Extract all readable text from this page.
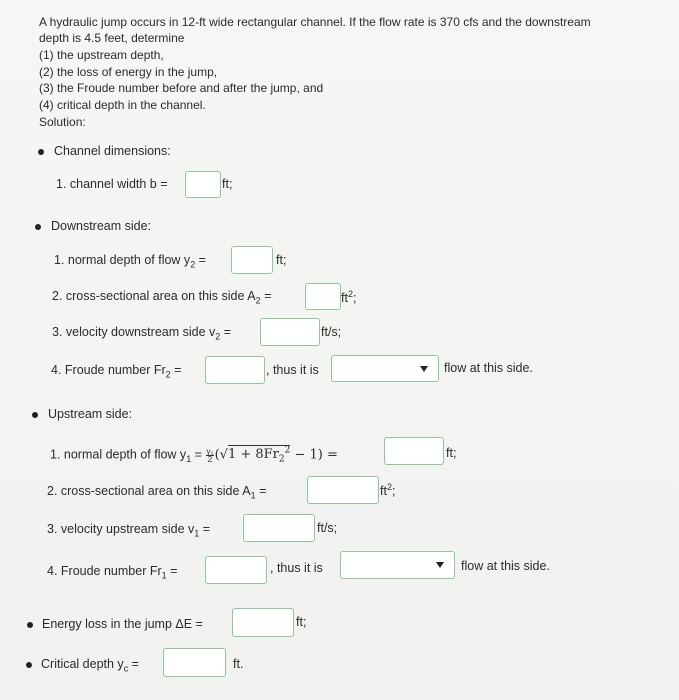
A hydraulic jump occurs in 12-ft wide rectangular channel. If the flow rate is 370 cfs and the downstream
depth is 4.5 feet, determine
(1) the upstream depth,
(2) the loss of energy in the jump,
(3) the Froude number before and after the jump, and
(4) critical depth in the channel.
Solution:
Channel dimensions:
1. channel width b =	ft;
Downstream side:
1. normal depth of flow $y_2$ =	ft;
2. cross-sectional area on this side $A_2$ =	$ft^2$;
3. velocity downstream side $v_2$ =	ft/s;
4. Froude number $Fr_2$ =	, thus it is	flow at this side.
Upstream side:
1. normal depth of flow $y_1 = \frac{\text{y₂}}{2} (√1 + 8Fr_2^2 - 1)$ =	ft;
2. cross-sectional area on this side $A_1$ =	$ft^2$;
3. velocity upstream side $v_1$ =	ft/s;
4. Froude number $Fr_1$ =	, thus it is	flow at this side.
Energy loss in the jump ΔE =	ft;
Critical depth $y_c$ =	ft.
